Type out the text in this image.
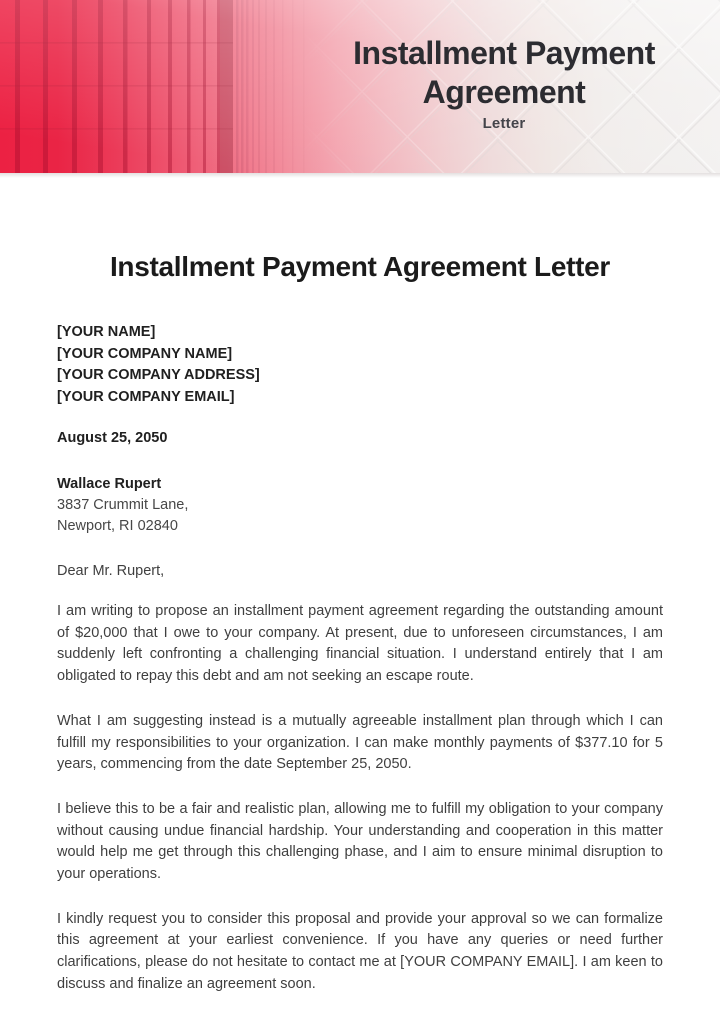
Installment Payment Agreement
Letter
Installment Payment Agreement Letter
[YOUR NAME]
[YOUR COMPANY NAME]
[YOUR COMPANY ADDRESS]
[YOUR COMPANY EMAIL]
August 25, 2050
Wallace Rupert
3837 Crummit Lane,
Newport, RI 02840
Dear Mr. Rupert,

I am writing to propose an installment payment agreement regarding the outstanding amount of $20,000 that I owe to your company. At present, due to unforeseen circumstances, I am suddenly left confronting a challenging financial situation. I understand entirely that I am obligated to repay this debt and am not seeking an escape route.

What I am suggesting instead is a mutually agreeable installment plan through which I can fulfill my responsibilities to your organization. I can make monthly payments of $377.10 for 5 years, commencing from the date September 25, 2050.

I believe this to be a fair and realistic plan, allowing me to fulfill my obligation to your company without causing undue financial hardship. Your understanding and cooperation in this matter would help me get through this challenging phase, and I aim to ensure minimal disruption to your operations.

I kindly request you to consider this proposal and provide your approval so we can formalize this agreement at your earliest convenience. If you have any queries or need further clarifications, please do not hesitate to contact me at [YOUR COMPANY EMAIL]. I am keen to discuss and finalize an agreement soon.
